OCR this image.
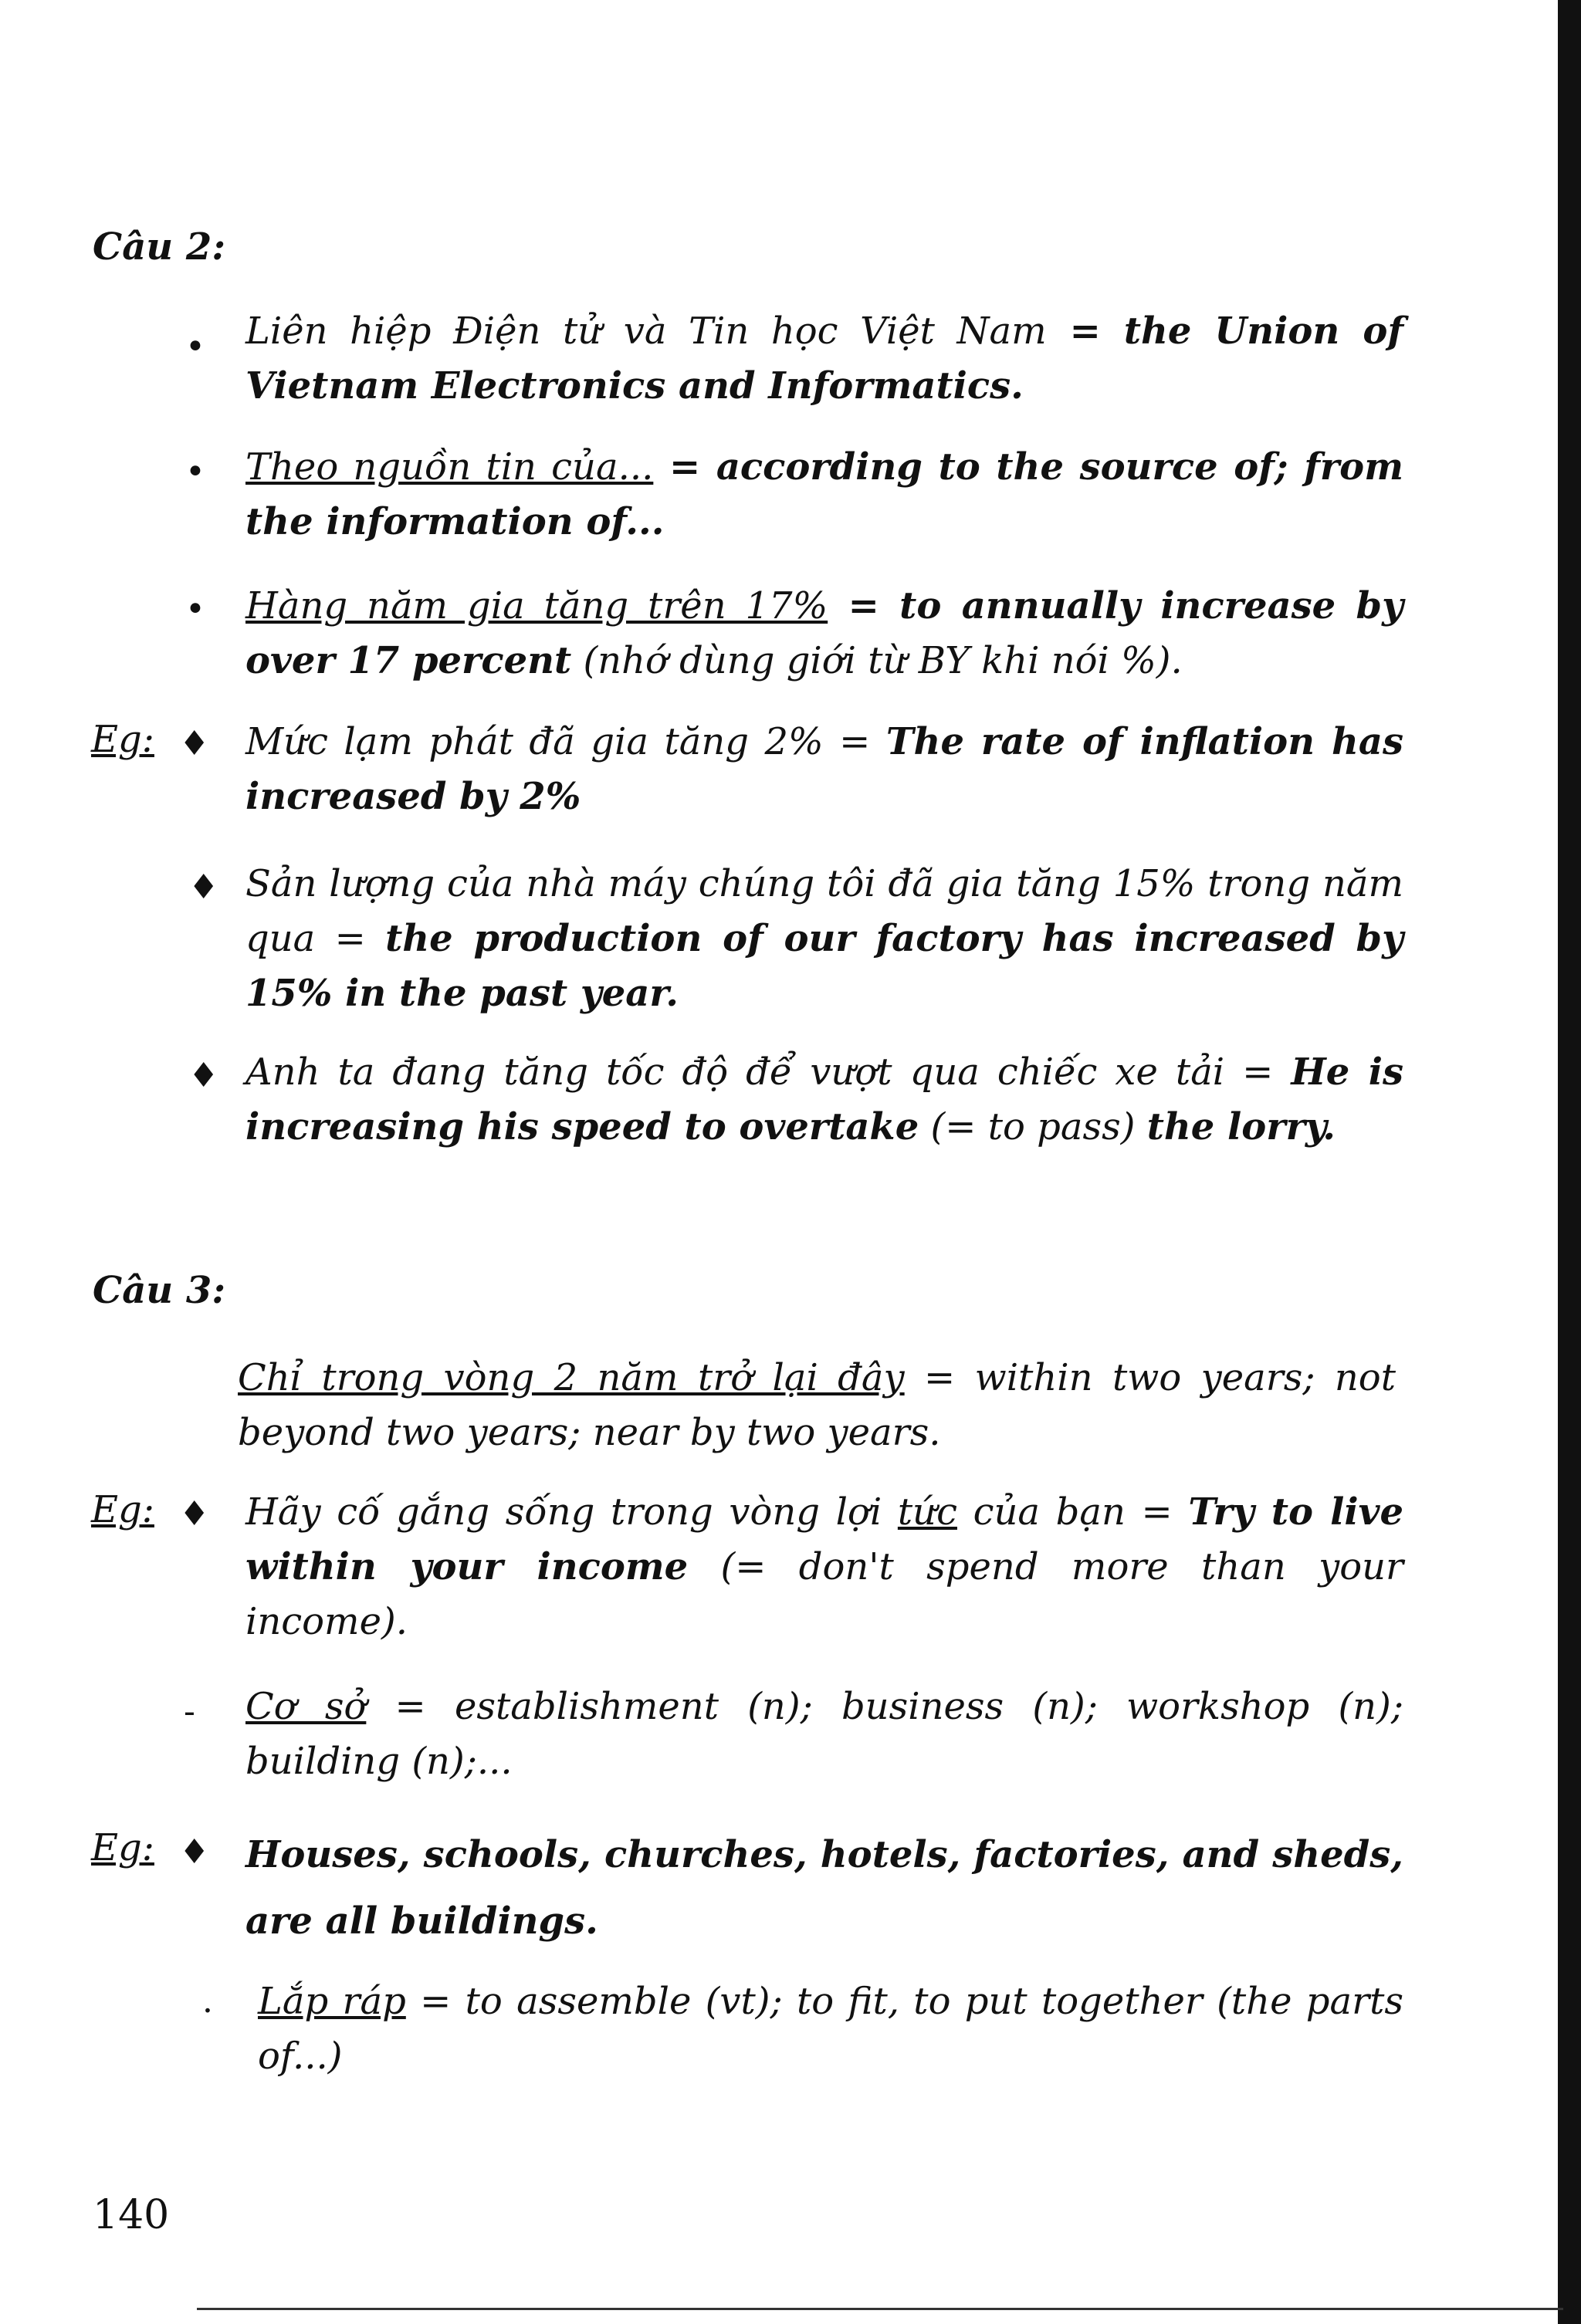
Câu 2:
• Liên hiệp Điện tử và Tin học Việt Nam = the Union of Vietnam Electronics and Informatics.
• Theo nguồn tin của... = according to the source of; from the information of...
• Hàng năm gia tăng trên 17% = to annually increase by over 17 percent (nhớ dùng giới từ BY khi nói %).
Eg: ♦ Mức lạm phát đã gia tăng 2% = The rate of inflation has increased by 2%
♦ Sản lượng của nhà máy chúng tôi đã gia tăng 15% trong năm qua = the production of our factory has increased by 15% in the past year.
♦ Anh ta đang tăng tốc độ để vượt qua chiếc xe tải = He is increasing his speed to overtake (= to pass) the lorry.
Câu 3:
Chỉ trong vòng 2 năm trở lại đây = within two years; not beyond two years; near by two years.
Eg: ♦ Hãy cố gắng sống trong vòng lợi tức của bạn = Try to live within your income (= don't spend more than your income).
- Cơ sở = establishment (n); business (n); workshop (n); building (n);...
Eg: ♦ Houses, schools, churches, hotels, factories, and sheds, are all buildings.
· Lắp ráp = to assemble (vt); to fit, to put together (the parts of...)
140
